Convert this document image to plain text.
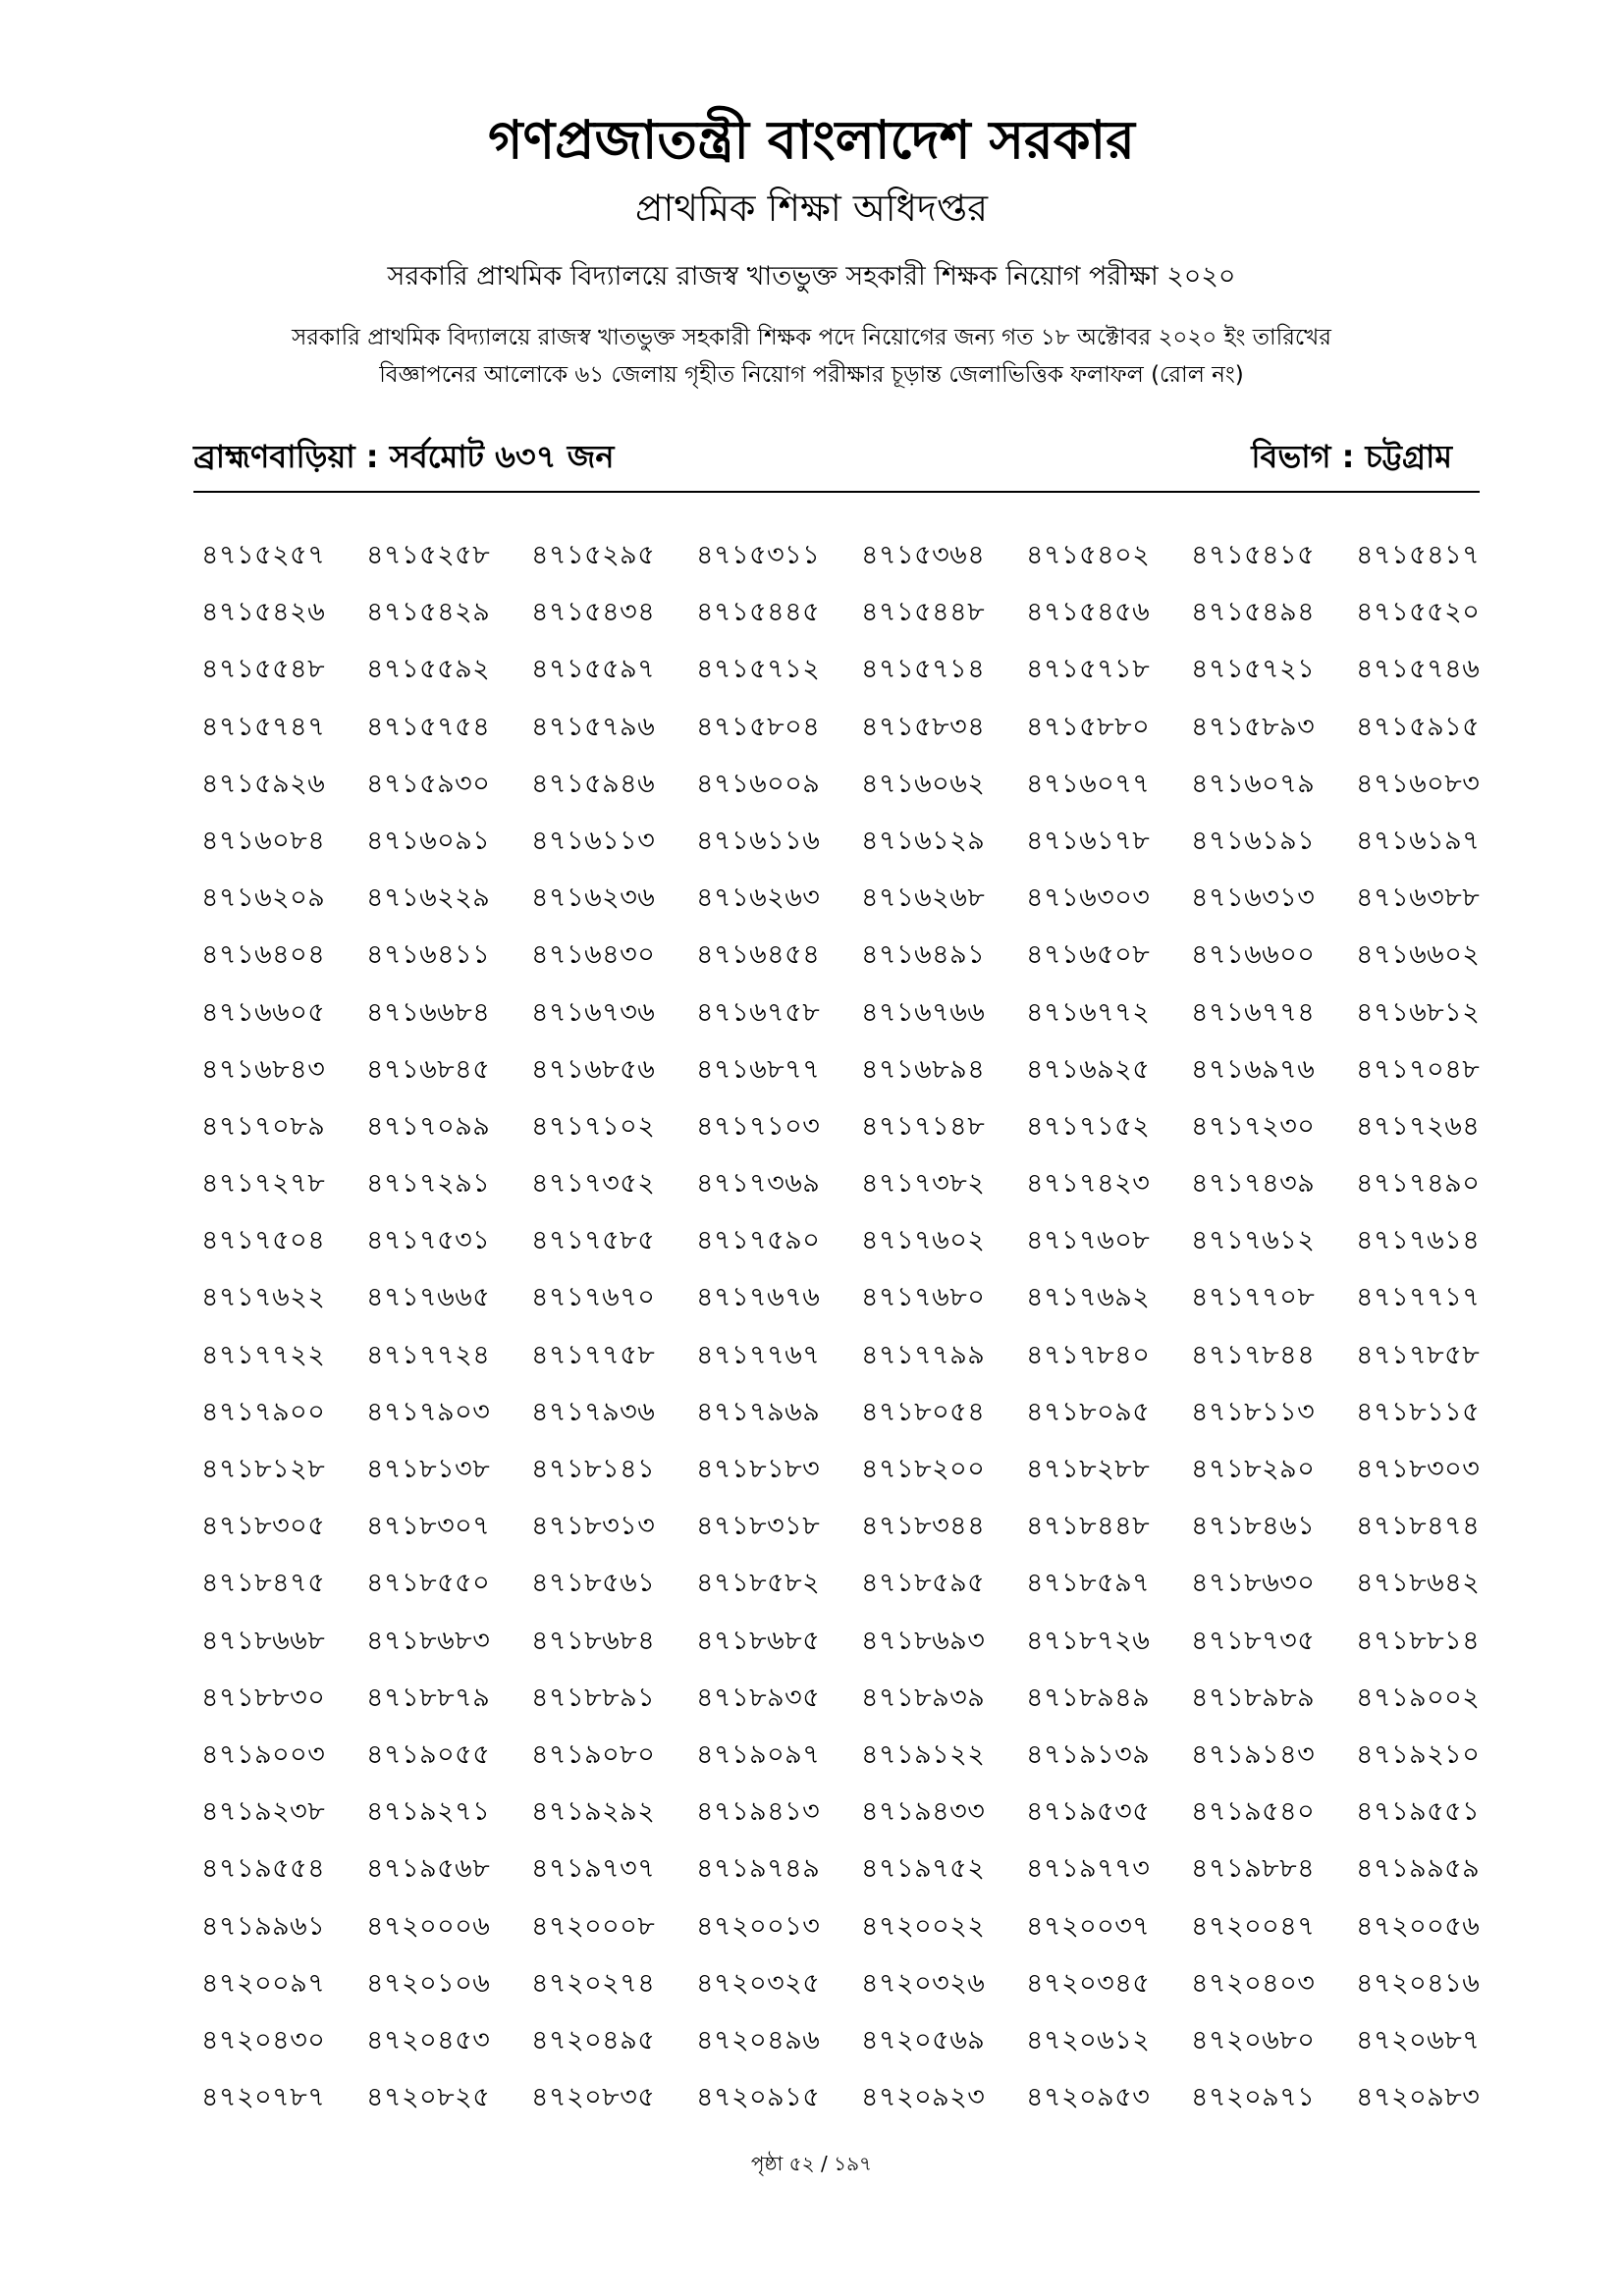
গণপ্রজাতন্ত্রী বাংলাদেশ সরকার
প্রাথমিক শিক্ষা অধিদপ্তর
সরকারি প্রাথমিক বিদ্যালয়ে রাজস্ব খাতভুক্ত সহকারী শিক্ষক নিয়োগ পরীক্ষা ২০২০
সরকারি প্রাথমিক বিদ্যালয়ে রাজস্ব খাতভুক্ত সহকারী শিক্ষক পদে নিয়োগের জন্য গত ১৮ অক্টোবর ২০২০ ইং তারিখের
বিজ্ঞাপনের আলোকে ৬১ জেলায় গৃহীত নিয়োগ পরীক্ষার চূড়ান্ত জেলাভিত্তিক ফলাফল (রোল নং)
ব্রাহ্মণবাড়িয়া : সর্বমোট ৬৩৭ জন	বিভাগ : চট্টগ্রাম
৪৭১৫২৫৭	৪৭১৫২৫৮	৪৭১৫২৯৫	৪৭১৫৩১১	৪৭১৫৩৬৪	৪৭১৫৪০২	৪৭১৫৪১৫	৪৭১৫৪১৭
৪৭১৫৪২৬	৪৭১৫৪২৯	৪৭১৫৪৩৪	৪৭১৫৪৪৫	৪৭১৫৪৪৮	৪৭১৫৪৫৬	৪৭১৫৪৯৪	৪৭১৫৫২০
৪৭১৫৫৪৮	৪৭১৫৫৯২	৪৭১৫৫৯৭	৪৭১৫৭১২	৪৭১৫৭১৪	৪৭১৫৭১৮	৪৭১৫৭২১	৪৭১৫৭৪৬
৪৭১৫৭৪৭	৪৭১৫৭৫৪	৪৭১৫৭৯৬	৪৭১৫৮০৪	৪৭১৫৮৩৪	৪৭১৫৮৮০	৪৭১৫৮৯৩	৪৭১৫৯১৫
৪৭১৫৯২৬	৪৭১৫৯৩০	৪৭১৫৯৪৬	৪৭১৬০০৯	৪৭১৬০৬২	৪৭১৬০৭৭	৪৭১৬০৭৯	৪৭১৬০৮৩
৪৭১৬০৮৪	৪৭১৬০৯১	৪৭১৬১১৩	৪৭১৬১১৬	৪৭১৬১২৯	৪৭১৬১৭৮	৪৭১৬১৯১	৪৭১৬১৯৭
৪৭১৬২০৯	৪৭১৬২২৯	৪৭১৬২৩৬	৪৭১৬২৬৩	৪৭১৬২৬৮	৪৭১৬৩০৩	৪৭১৬৩১৩	৪৭১৬৩৮৮
৪৭১৬৪০৪	৪৭১৬৪১১	৪৭১৬৪৩০	৪৭১৬৪৫৪	৪৭১৬৪৯১	৪৭১৬৫০৮	৪৭১৬৬০০	৪৭১৬৬০২
৪৭১৬৬০৫	৪৭১৬৬৮৪	৪৭১৬৭৩৬	৪৭১৬৭৫৮	৪৭১৬৭৬৬	৪৭১৬৭৭২	৪৭১৬৭৭৪	৪৭১৬৮১২
৪৭১৬৮৪৩	৪৭১৬৮৪৫	৪৭১৬৮৫৬	৪৭১৬৮৭৭	৪৭১৬৮৯৪	৪৭১৬৯২৫	৪৭১৬৯৭৬	৪৭১৭০৪৮
৪৭১৭০৮৯	৪৭১৭০৯৯	৪৭১৭১০২	৪৭১৭১০৩	৪৭১৭১৪৮	৪৭১৭১৫২	৪৭১৭২৩০	৪৭১৭২৬৪
৪৭১৭২৭৮	৪৭১৭২৯১	৪৭১৭৩৫২	৪৭১৭৩৬৯	৪৭১৭৩৮২	৪৭১৭৪২৩	৪৭১৭৪৩৯	৪৭১৭৪৯০
৪৭১৭৫০৪	৪৭১৭৫৩১	৪৭১৭৫৮৫	৪৭১৭৫৯০	৪৭১৭৬০২	৪৭১৭৬০৮	৪৭১৭৬১২	৪৭১৭৬১৪
৪৭১৭৬২২	৪৭১৭৬৬৫	৪৭১৭৬৭০	৪৭১৭৬৭৬	৪৭১৭৬৮০	৪৭১৭৬৯২	৪৭১৭৭০৮	৪৭১৭৭১৭
৪৭১৭৭২২	৪৭১৭৭২৪	৪৭১৭৭৫৮	৪৭১৭৭৬৭	৪৭১৭৭৯৯	৪৭১৭৮৪০	৪৭১৭৮৪৪	৪৭১৭৮৫৮
৪৭১৭৯০০	৪৭১৭৯০৩	৪৭১৭৯৩৬	৪৭১৭৯৬৯	৪৭১৮০৫৪	৪৭১৮০৯৫	৪৭১৮১১৩	৪৭১৮১১৫
৪৭১৮১২৮	৪৭১৮১৩৮	৪৭১৮১৪১	৪৭১৮১৮৩	৪৭১৮২০০	৪৭১৮২৮৮	৪৭১৮২৯০	৪৭১৮৩০৩
৪৭১৮৩০৫	৪৭১৮৩০৭	৪৭১৮৩১৩	৪৭১৮৩১৮	৪৭১৮৩৪৪	৪৭১৮৪৪৮	৪৭১৮৪৬১	৪৭১৮৪৭৪
৪৭১৮৪৭৫	৪৭১৮৫৫০	৪৭১৮৫৬১	৪৭১৮৫৮২	৪৭১৮৫৯৫	৪৭১৮৫৯৭	৪৭১৮৬৩০	৪৭১৮৬৪২
৪৭১৮৬৬৮	৪৭১৮৬৮৩	৪৭১৮৬৮৪	৪৭১৮৬৮৫	৪৭১৮৬৯৩	৪৭১৮৭২৬	৪৭১৮৭৩৫	৪৭১৮৮১৪
৪৭১৮৮৩০	৪৭১৮৮৭৯	৪৭১৮৮৯১	৪৭১৮৯৩৫	৪৭১৮৯৩৯	৪৭১৮৯৪৯	৪৭১৮৯৮৯	৪৭১৯০০২
৪৭১৯০০৩	৪৭১৯০৫৫	৪৭১৯০৮০	৪৭১৯০৯৭	৪৭১৯১২২	৪৭১৯১৩৯	৪৭১৯১৪৩	৪৭১৯২১০
৪৭১৯২৩৮	৪৭১৯২৭১	৪৭১৯২৯২	৪৭১৯৪১৩	৪৭১৯৪৩৩	৪৭১৯৫৩৫	৪৭১৯৫৪০	৪৭১৯৫৫১
৪৭১৯৫৫৪	৪৭১৯৫৬৮	৪৭১৯৭৩৭	৪৭১৯৭৪৯	৪৭১৯৭৫২	৪৭১৯৭৭৩	৪৭১৯৮৮৪	৪৭১৯৯৫৯
৪৭১৯৯৬১	৪৭২০০০৬	৪৭২০০০৮	৪৭২০০১৩	৪৭২০০২২	৪৭২০০৩৭	৪৭২০০৪৭	৪৭২০০৫৬
৪৭২০০৯৭	৪৭২০১০৬	৪৭২০২৭৪	৪৭২০৩২৫	৪৭২০৩২৬	৪৭২০৩৪৫	৪৭২০৪০৩	৪৭২০৪১৬
৪৭২০৪৩০	৪৭২০৪৫৩	৪৭২০৪৯৫	৪৭২০৪৯৬	৪৭২০৫৬৯	৪৭২০৬১২	৪৭২০৬৮০	৪৭২০৬৮৭
৪৭২০৭৮৭	৪৭২০৮২৫	৪৭২০৮৩৫	৪৭২০৯১৫	৪৭২০৯২৩	৪৭২০৯৫৩	৪৭২০৯৭১	৪৭২০৯৮৩
পৃষ্ঠা ৫২ / ১৯৭
